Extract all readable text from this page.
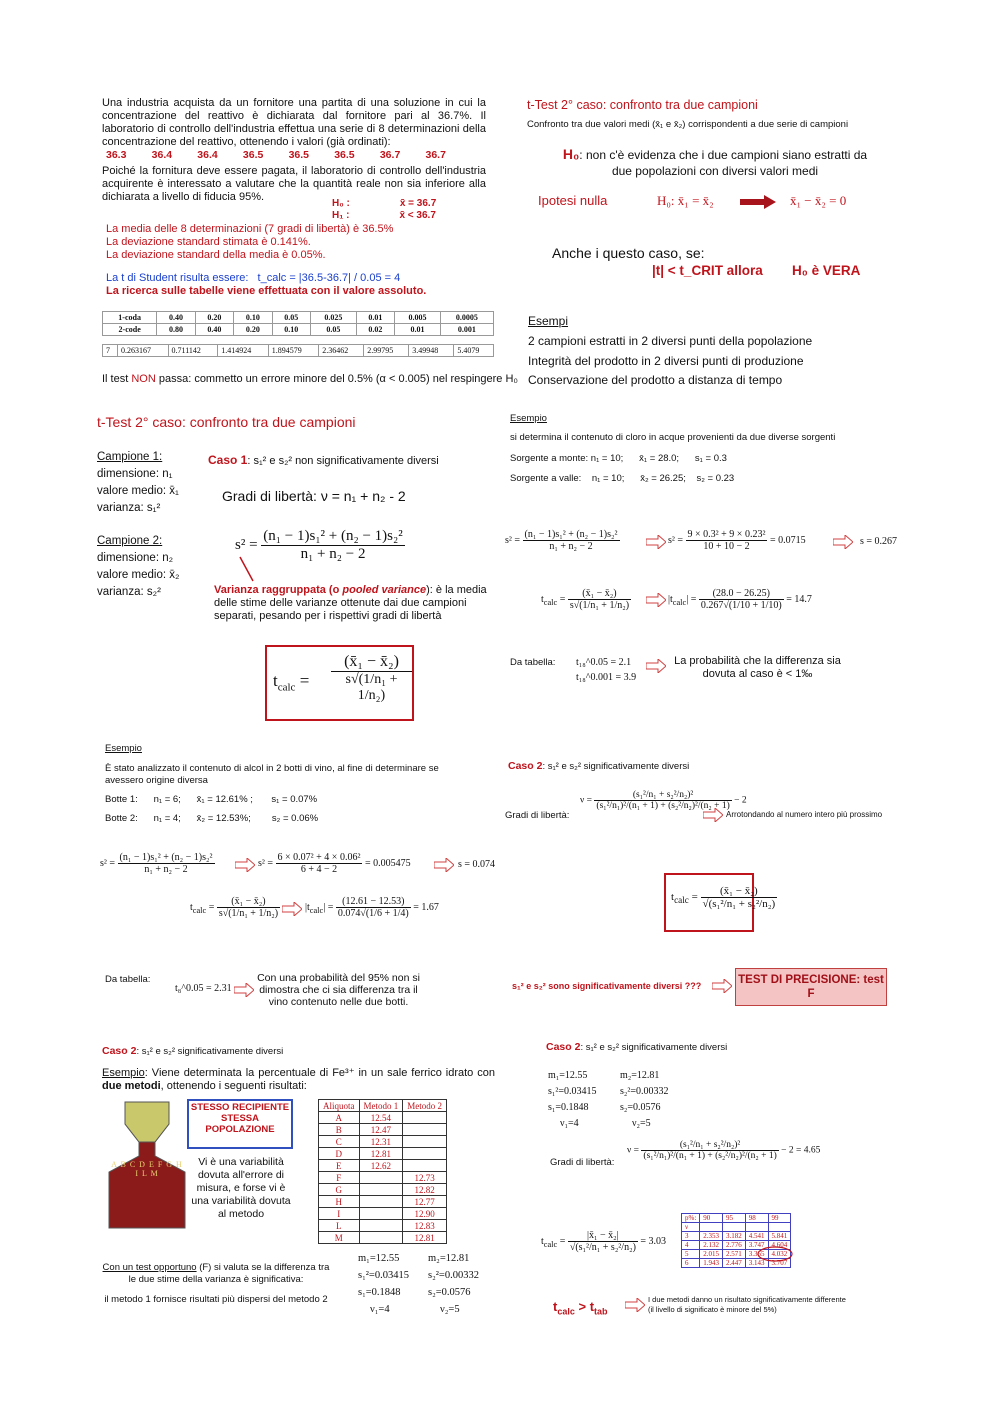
Una industria acquista da un fornitore una partita di una soluzione in cui la concentrazione del reattivo è dichiarata dal fornitore pari al 36.7%. Il laboratorio di controllo dell'industria effettua una serie di 8 determinazioni della concentrazione del reattivo, ottenendo i valori (già ordinati):
36.3 36.4 36.4 36.5 36.5 36.5 36.7 36.7
Poiché la fornitura deve essere pagata, il laboratorio di controllo dell'industria acquirente è interessato a valutare che la quantità reale non sia inferiore alla dichiarata a livello di fiducia 95%.
H₀ :	x̄ = 36.7
H₁ :	x̄ < 36.7
La media delle 8 determinazioni (7 gradi di libertà) è 36.5%
La deviazione standard stimata è 0.141%.
La deviazione standard della media è 0.05%.
La t di Student risulta essere: t_calc = |36.5-36.7| / 0.05 = 4
La ricerca sulle tabelle viene effettuata con il valore assoluto.
1-coda	0.40	0.20	0.10	0.05	0.025	0.01	0.005	0.0005
2-code	0.80	0.40	0.20	0.10	0.05	0.02	0.01	0.001
7	0.263167	0.711142	1.414924	1.894579	2.36462	2.99795	3.49948	5.4079
Il test NON passa: commetto un errore minore del 0.5% (α < 0.005) nel respingere H₀
t-Test 2° caso: confronto tra due campioni
Confronto tra due valori medi (x̄₁ e x̄₂) corrispondenti a due serie di campioni
H₀: non c'è evidenza che i due campioni siano estratti da due popolazioni con diversi valori medi
Ipotesi nulla	H₀: x̄₁ = x̄₂	x̄₁ − x̄₂ = 0
Anche i questo caso, se:
|t| < t_CRIT allora H₀ è VERA
Esempi
2 campioni estratti in 2 diversi punti della popolazione
Integrità del prodotto in 2 diversi punti di produzione
Conservazione del prodotto a distanza di tempo
t-Test 2° caso: confronto tra due campioni
Campione 1:
dimensione: n₁
valore medio: x̄₁
varianza: s₁²
Campione 2:
dimensione: n₂
valore medio: x̄₂
varianza: s₂²
Caso 1: s₁² e s₂² non significativamente diversi
Gradi di libertà: ν = n₁ + n₂ - 2
$s^2 = \frac{\text{(n₁ − 1)s₁² + (n₂ − 1)s₂²}}{\text{n₁ + n₂ − 2}}$
Varianza raggruppata (o pooled variance): è la media delle stime delle varianze ottenute dai due campioni separati, pesando per i rispettivi gradi di libertà
$t_{calc}$ =
(x̄₁ − x̄₂)
s√(1/n₁ + 1/n₂)
Esempio
si determina il contenuto di cloro in acque provenienti da due diverse sorgenti
Sorgente a monte: n₁ = 10;      x̄₁ = 28.0;      s₁ = 0.3
Sorgente a valle:    n₁ = 10;      x̄₂ = 26.25;    s₂ = 0.23
$s^2 = \frac{\text{(n₁ − 1)s₁² + (n₂ − 1)s₂²}}{\text{n₁ + n₂ − 2}}$	$s^2 = \frac{\text{9 × 0.3² + 9 × 0.23²}}{10 + 10 - 2} = 0.0715$	s = 0.267
$t_{calc} = \frac{\text{(x̄₁ − x̄₂)}}{\text{s√(1/n₁ + 1/n₂)}}$	$|t_{calc}| = \frac{(28.0 - 26.25)}{0.267√(1/10 + 1/10)} = 14.7$
Da tabella: t₁₈^0.05 = 2.1
t₁₈^0.001 = 3.9
La probabilità che la differenza sia dovuta al caso è < 1‰
Esempio
È stato analizzato il contenuto di alcol in 2 botti di vino, al fine di determinare se avessero origine diversa
Botte 1:      n₁ = 6;      x̄₁ = 12.61% ;       s₁ = 0.07%
Botte 2:      n₁ = 4;      x̄₂ = 12.53%;        s₂ = 0.06%
$s^2 = \frac{\text{(n₁ − 1)s₁² + (n₂ − 1)s₂²}}{\text{n₁ + n₂ − 2}}$	$s^2 = \frac{\text{6 × 0.07² + 4 × 0.06²}}{6 + 4 - 2} = 0.005475$	s = 0.074
$t_{calc} = \frac{\text{(x̄₁ − x̄₂)}}{\text{s√(1/n₁ + 1/n₂)}} |t_{calc}| = \frac{(12.61 - 12.53)}{0.074√(1/6 + 1/4)} = 1.67$
Da tabella:
t₈^0.05 = 2.31
Con una probabilità del 95% non si dimostra che ci sia differenza tra il vino contenuto nelle due botti.
Caso 2: s₁² e s₂² significativamente diversi
Gradi di libertà:
$\nu = \frac{\text{(s₁²/n₁ + s₂²/n₂)²}}{\text{(s₁²/n₁)²/(n₁ + 1) + (s₂²/n₂)²/(n₂ + 1)}} - 2$
Arrotondando al numero intero più prossimo
$t_{calc} = \frac{\text{(x̄₁ − x̄₂)}}{\text{√(s₁²/n₁ + s₂²/n₂)}}$
s₁² e s₂² sono significativamente diversi ???	TEST DI PRECISIONE: test F
Caso 2: s₁² e s₂² significativamente diversi
Esempio: Viene determinata la percentuale di Fe³⁺ in un sale ferrico idrato con due metodi, ottenendo i seguenti risultati:
A B C D E F G H I L M
STESSO RECIPIENTE STESSA POPOLAZIONE
Vi è una variabilità dovuta all'errore di misura, e forse vi è una variabilità dovuta al metodo
Aliquota	Metodo 1	Metodo 2
A	12.54	
B	12.47	
C	12.31	
D	12.81	
E	12.62	
F		12.73
G		12.82
H		12.77
I		12.90
L		12.83
M		12.81
Con un test opportuno (F) si valuta se la differenza tra le due stime della varianza è significativa:
il metodo 1 fornisce risultati più dispersi del metodo 2
m₁=12.55	m₂=12.81
s₁²=0.03415	s₂²=0.00332
s₁=0.1848	s₂=0.0576
ν₁=4	ν₂=5
Caso 2: s₁² e s₂² significativamente diversi
m₁=12.55	m₂=12.81
s₁²=0.03415	s₂²=0.00332
s₁=0.1848	s₂=0.0576
ν₁=4	ν₂=5
Gradi di libertà:
$\nu = \frac{\text{(s₁²/n₁ + s₂²/n₂)²}}{\text{(s₁²/n₁)²/(n₁ + 1) + (s₂²/n₂)²/(n₂ + 1)}} - 2 = 4.65$
$t_{calc} = \frac{\text{|x̄₁ − x̄₂|}}{\text{√(s₁²/n₁ + s₂²/n₂)}} = 3.03$
p%:	90	95	98	99
ν				
3	2.353	3.182	4.541	5.841
4	2.132	2.776	3.747	4.604
5	2.015	2.571	3.365	4.032
6	1.943	2.447	3.143	3.707
$t_{calc} > t_{tab}$
I due metodi danno un risultato significativamente differente (il livello di significato è minore del 5%)
